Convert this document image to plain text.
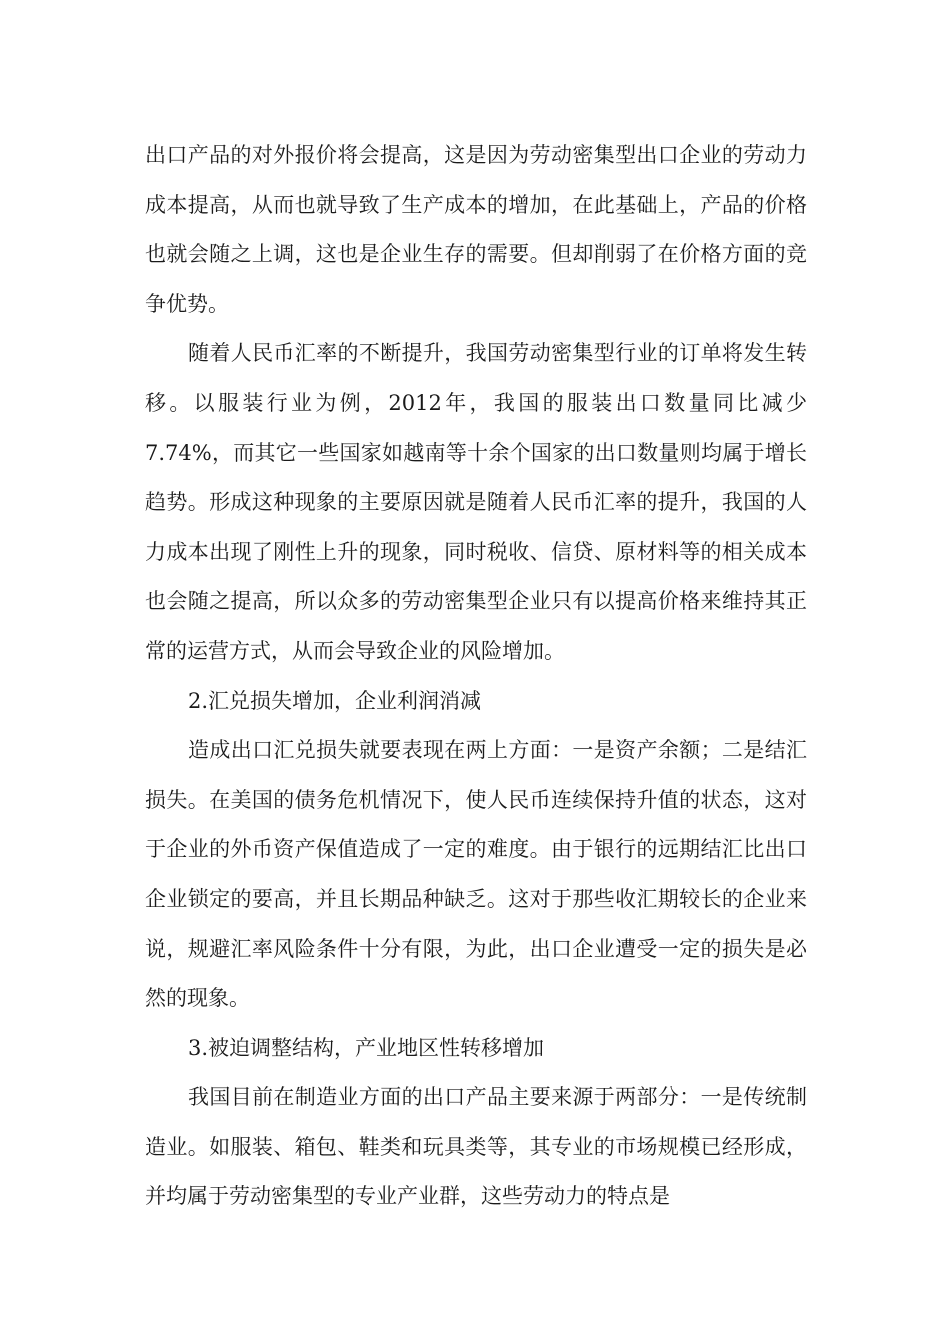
出口产品的对外报价将会提高，这是因为劳动密集型出口企业的劳动力成本提高，从而也就导致了生产成本的增加，在此基础上，产品的价格也就会随之上调，这也是企业生存的需要。但却削弱了在价格方面的竞争优势。

随着人民币汇率的不断提升，我国劳动密集型行业的订单将发生转移。以服装行业为例，2012年，我国的服装出口数量同比减少7.74%，而其它一些国家如越南等十余个国家的出口数量则均属于增长趋势。形成这种现象的主要原因就是随着人民币汇率的提升，我国的人力成本出现了刚性上升的现象，同时税收、信贷、原材料等的相关成本也会随之提高，所以众多的劳动密集型企业只有以提高价格来维持其正常的运营方式，从而会导致企业的风险增加。

2.汇兑损失增加，企业利润消减

造成出口汇兑损失就要表现在两上方面：一是资产余额；二是结汇损失。在美国的债务危机情况下，使人民币连续保持升值的状态，这对于企业的外币资产保值造成了一定的难度。由于银行的远期结汇比出口企业锁定的要高，并且长期品种缺乏。这对于那些收汇期较长的企业来说，规避汇率风险条件十分有限，为此，出口企业遭受一定的损失是必然的现象。

3.被迫调整结构，产业地区性转移增加

我国目前在制造业方面的出口产品主要来源于两部分：一是传统制造业。如服装、箱包、鞋类和玩具类等，其专业的市场规模已经形成，并均属于劳动密集型的专业产业群，这些劳动力的特点是
